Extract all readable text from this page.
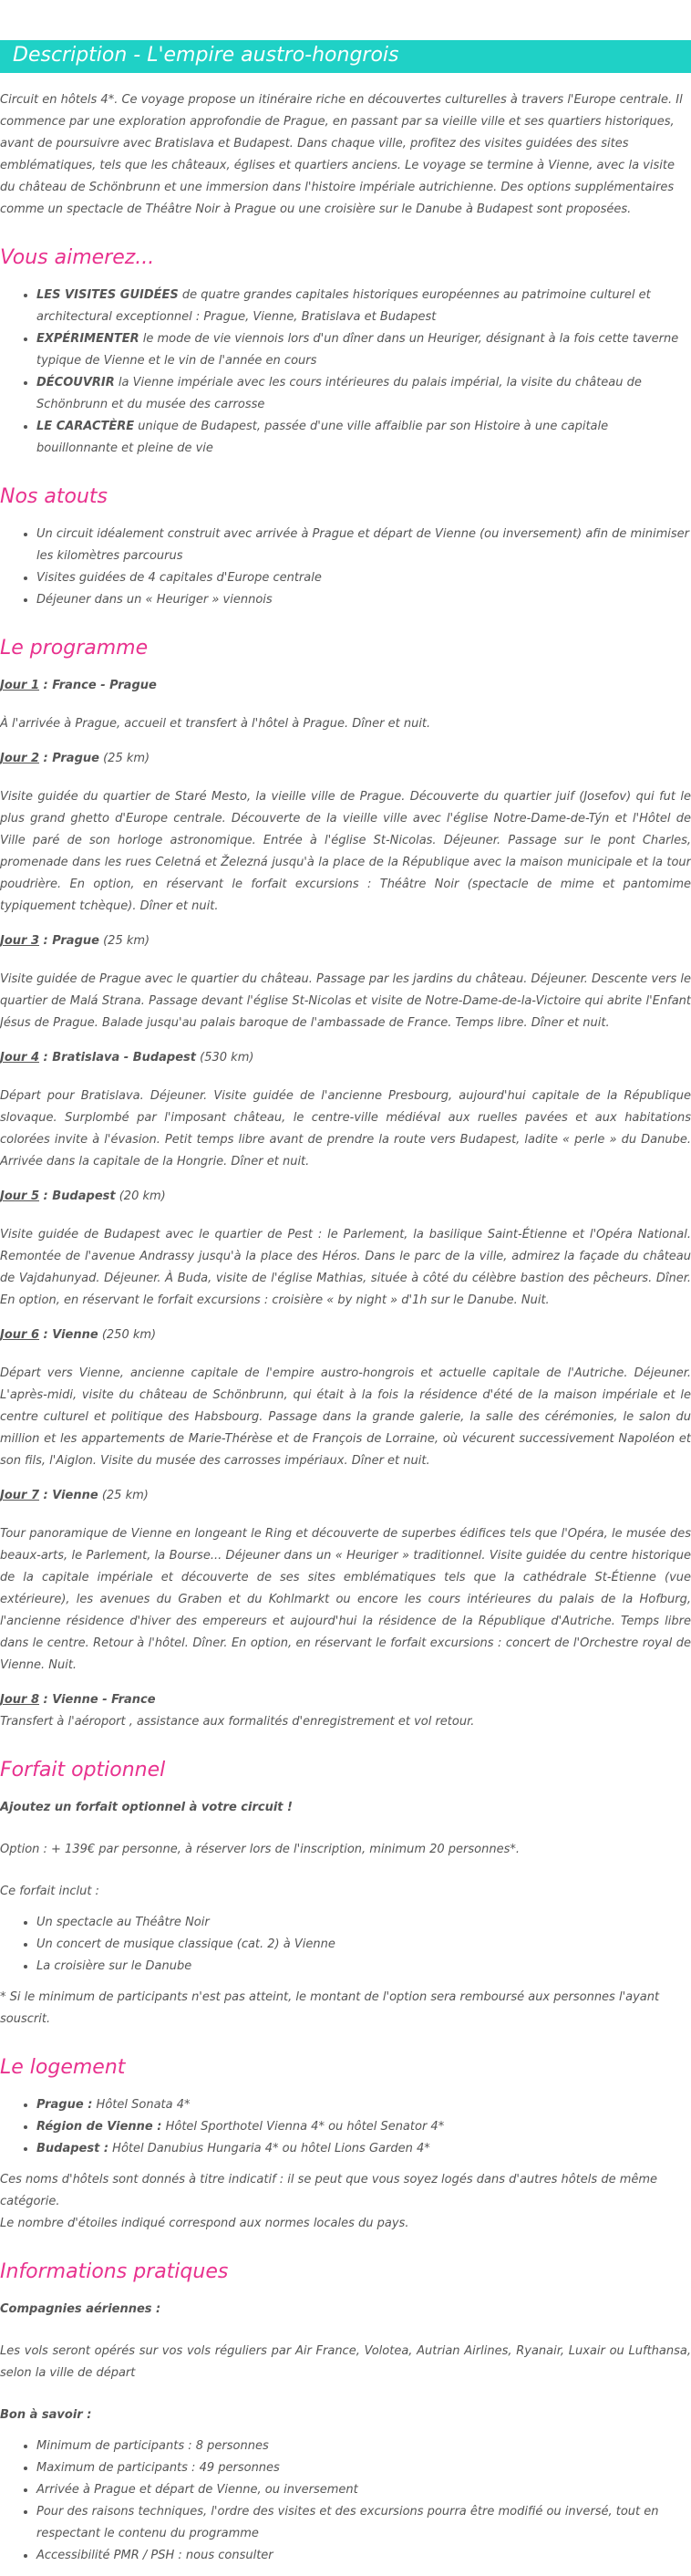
Description - L'empire austro-hongrois

Circuit en hôtels 4*. Ce voyage propose un itinéraire riche en découvertes culturelles à travers l'Europe centrale. Il commence par une exploration approfondie de Prague, en passant par sa vieille ville et ses quartiers historiques, avant de poursuivre avec Bratislava et Budapest. Dans chaque ville, profitez des visites guidées des sites emblématiques, tels que les châteaux, églises et quartiers anciens. Le voyage se termine à Vienne, avec la visite du château de Schönbrunn et une immersion dans l'histoire impériale autrichienne. Des options supplémentaires comme un spectacle de Théâtre Noir à Prague ou une croisière sur le Danube à Budapest sont proposées.

Vous aimerez...
• LES VISITES GUIDÉES de quatre grandes capitales historiques européennes au patrimoine culturel et architectural exceptionnel : Prague, Vienne, Bratislava et Budapest
• EXPÉRIMENTER le mode de vie viennois lors d'un dîner dans un Heuriger, désignant à la fois cette taverne typique de Vienne et le vin de l'année en cours
• DÉCOUVRIR la Vienne impériale avec les cours intérieures du palais impérial, la visite du château de Schönbrunn et du musée des carrosse
• LE CARACTÈRE unique de Budapest, passée d'une ville affaiblie par son Histoire à une capitale bouillonnante et pleine de vie
Nos atouts
• Un circuit idéalement construit avec arrivée à Prague et départ de Vienne (ou inversement) afin de minimiser les kilomètres parcourus
• Visites guidées de 4 capitales d'Europe centrale
• Déjeuner dans un « Heuriger » viennois
Le programme

Jour 1 : France - Prague

À l'arrivée à Prague, accueil et transfert à l'hôtel à Prague. Dîner et nuit.

Jour 2 : Prague (25 km)

Visite guidée du quartier de Staré Mesto, la vieille ville de Prague. Découverte du quartier juif (Josefov) qui fut le plus grand ghetto d'Europe centrale. Découverte de la vieille ville avec l'église Notre-Dame-de-Týn et l'Hôtel de Ville paré de son horloge astronomique. Entrée à l'église St-Nicolas. Déjeuner. Passage sur le pont Charles, promenade dans les rues Celetná et Železná jusqu'à la place de la République avec la maison municipale et la tour poudrière. En option, en réservant le forfait excursions : Théâtre Noir (spectacle de mime et pantomime typiquement tchèque). Dîner et nuit.

Jour 3 : Prague (25 km)

Visite guidée de Prague avec le quartier du château. Passage par les jardins du château. Déjeuner. Descente vers le quartier de Malá Strana. Passage devant l'église St-Nicolas et visite de Notre-Dame-de-la-Victoire qui abrite l'Enfant Jésus de Prague. Balade jusqu'au palais baroque de l'ambassade de France. Temps libre. Dîner et nuit.

Jour 4 : Bratislava - Budapest (530 km)

Départ pour Bratislava. Déjeuner. Visite guidée de l'ancienne Presbourg, aujourd'hui capitale de la République slovaque. Surplombé par l'imposant château, le centre-ville médiéval aux ruelles pavées et aux habitations colorées invite à l'évasion. Petit temps libre avant de prendre la route vers Budapest, ladite « perle » du Danube. Arrivée dans la capitale de la Hongrie. Dîner et nuit.

Jour 5 : Budapest (20 km)

Visite guidée de Budapest avec le quartier de Pest : le Parlement, la basilique Saint-Étienne et l'Opéra National. Remontée de l'avenue Andrassy jusqu'à la place des Héros. Dans le parc de la ville, admirez la façade du château de Vajdahunyad. Déjeuner. À Buda, visite de l'église Mathias, située à côté du célèbre bastion des pêcheurs. Dîner. En option, en réservant le forfait excursions : croisière « by night » d'1h sur le Danube. Nuit.

Jour 6 : Vienne (250 km)

Départ vers Vienne, ancienne capitale de l'empire austro-hongrois et actuelle capitale de l'Autriche. Déjeuner. L'après-midi, visite du château de Schönbrunn, qui était à la fois la résidence d'été de la maison impériale et le centre culturel et politique des Habsbourg. Passage dans la grande galerie, la salle des cérémonies, le salon du million et les appartements de Marie-Thérèse et de François de Lorraine, où vécurent successivement Napoléon et son fils, l'Aiglon. Visite du musée des carrosses impériaux. Dîner et nuit.

Jour 7 : Vienne (25 km)

Tour panoramique de Vienne en longeant le Ring et découverte de superbes édifices tels que l'Opéra, le musée des beaux-arts, le Parlement, la Bourse... Déjeuner dans un « Heuriger » traditionnel. Visite guidée du centre historique de la capitale impériale et découverte de ses sites emblématiques tels que la cathédrale St-Étienne (vue extérieure), les avenues du Graben et du Kohlmarkt ou encore les cours intérieures du palais de la Hofburg, l'ancienne résidence d'hiver des empereurs et aujourd'hui la résidence de la République d'Autriche. Temps libre dans le centre. Retour à l'hôtel. Dîner. En option, en réservant le forfait excursions : concert de l'Orchestre royal de Vienne. Nuit.

Jour 8 : Vienne - France

Transfert à l'aéroport , assistance aux formalités d'enregistrement et vol retour.

Forfait optionnel

Ajoutez un forfait optionnel à votre circuit !

Option : + 139€ par personne, à réserver lors de l'inscription, minimum 20 personnes*.

Ce forfait inclut :

• Un spectacle au Théâtre Noir
• Un concert de musique classique (cat. 2) à Vienne
• La croisière sur le Danube

* Si le minimum de participants n'est pas atteint, le montant de l'option sera remboursé aux personnes l'ayant souscrit.

Le logement
• Prague : Hôtel Sonata 4*
• Région de Vienne : Hôtel Sporthotel Vienna 4* ou hôtel Senator 4*
• Budapest : Hôtel Danubius Hungaria 4* ou hôtel Lions Garden 4*

Ces noms d'hôtels sont donnés à titre indicatif : il se peut que vous soyez logés dans d'autres hôtels de même catégorie.

Le nombre d'étoiles indiqué correspond aux normes locales du pays.

Informations pratiques

Compagnies aériennes :

Les vols seront opérés sur vos vols réguliers par Air France, Volotea, Autrian Airlines, Ryanair, Luxair ou Lufthansa, selon la ville de départ

Bon à savoir :

• Minimum de participants : 8 personnes
• Maximum de participants : 49 personnes
• Arrivée à Prague et départ de Vienne, ou inversement
• Pour des raisons techniques, l'ordre des visites et des excursions pourra être modifié ou inversé, tout en respectant le contenu du programme
• Accessibilité PMR / PSH : nous consulter
